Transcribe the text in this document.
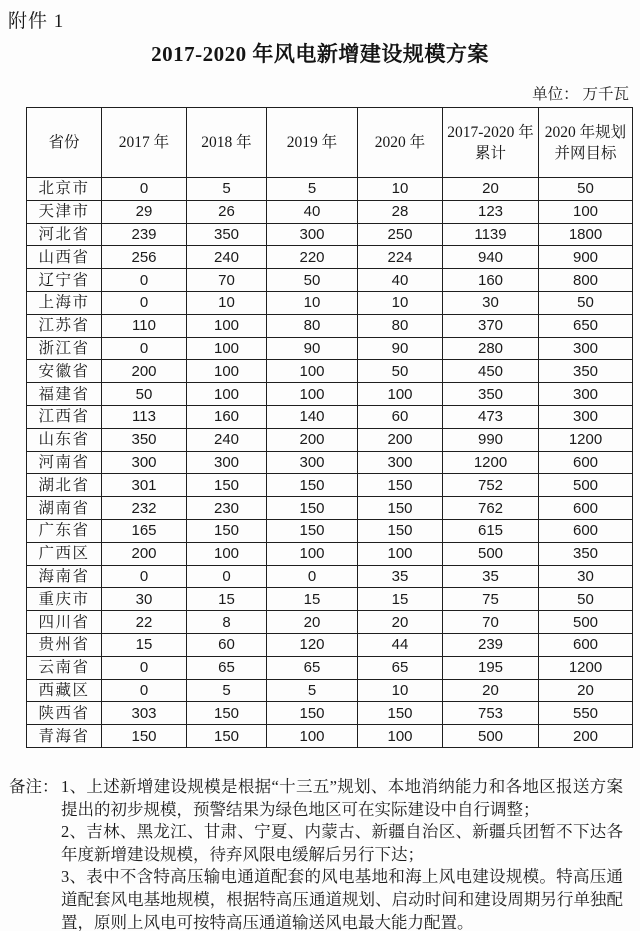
附件 1
2017-2020 年风电新增建设规模方案
单位： 万千瓦
省份	2017 年	2018 年	2019 年	2020 年	2017-2020 年累计	2020 年规划并网目标
北京市	0	5	5	10	20	50
天津市	29	26	40	28	123	100
河北省	239	350	300	250	1139	1800
山西省	256	240	220	224	940	900
辽宁省	0	70	50	40	160	800
上海市	0	10	10	10	30	50
江苏省	110	100	80	80	370	650
浙江省	0	100	90	90	280	300
安徽省	200	100	100	50	450	350
福建省	50	100	100	100	350	300
江西省	113	160	140	60	473	300
山东省	350	240	200	200	990	1200
河南省	300	300	300	300	1200	600
湖北省	301	150	150	150	752	500
湖南省	232	230	150	150	762	600
广东省	165	150	150	150	615	600
广西区	200	100	100	100	500	350
海南省	0	0	0	35	35	30
重庆市	30	15	15	15	75	50
四川省	22	8	20	20	70	500
贵州省	15	60	120	44	239	600
云南省	0	65	65	65	195	1200
西藏区	0	5	5	10	20	20
陕西省	303	150	150	150	753	550
青海省	150	150	100	100	500	200
备注： 1、上述新增建设规模是根据“十三五”规划、本地消纳能力和各地区报送方案提出的初步规模，预警结果为绿色地区可在实际建设中自行调整；

2、吉林、黑龙江、甘肃、宁夏、内蒙古、新疆自治区、新疆兵团暂不下达各年度新增建设规模，待弃风限电缓解后另行下达；

3、表中不含特高压输电通道配套的风电基地和海上风电建设规模。特高压通道配套风电基地规模，根据特高压通道规划、启动时间和建设周期另行单独配置，原则上风电可按特高压通道输送风电最大能力配置。
